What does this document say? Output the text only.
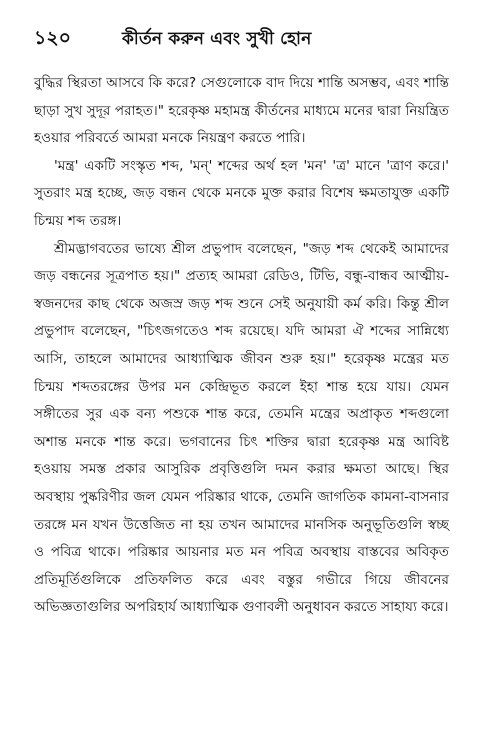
১২০	কীর্তন করুন এবং সুখী হোন

বুদ্ধির স্থিরতা আসবে কি করে? সেগুলোকে বাদ দিয়ে শান্তি অসম্ভব, এবং শান্তি ছাড়া সুখ সুদূর পরাহত।" হরেকৃষ্ণ মহামন্ত্র কীর্তনের মাধ্যমে মনের দ্বারা নিয়ন্ত্রিত হওয়ার পরিবর্তে আমরা মনকে নিয়ন্ত্রণ করতে পারি।

'মন্ত্র' একটি সংস্কৃত শব্দ, 'মন্' শব্দের অর্থ হল 'মন' 'ত্র' মানে 'ত্রাণ করে।' সুতরাং মন্ত্র হচ্ছে, জড় বন্ধন থেকে মনকে মুক্ত করার বিশেষ ক্ষমতাযুক্ত একটি চিন্ময় শব্দ তরঙ্গ।

শ্রীমদ্ভাগবতের ভাষ্যে শ্রীল প্রভুপাদ বলেছেন, "জড় শব্দ থেকেই আমাদের জড় বন্ধনের সূত্রপাত হয়।" প্রত্যহ আমরা রেডিও, টিভি, বন্ধু-বান্ধব আত্মীয়-স্বজনদের কাছ থেকে অজস্র জড় শব্দ শুনে সেই অনুযায়ী কর্ম করি। কিন্তু শ্রীল প্রভুপাদ বলেছেন, "চিৎজগতেও শব্দ রয়েছে। যদি আমরা ঐ শব্দের সান্নিধ্যে আসি, তাহলে আমাদের আধ্যাত্মিক জীবন শুরু হয়।" হরেকৃষ্ণ মন্ত্রের মত চিন্ময় শব্দতরঙ্গের উপর মন কেন্দ্রিভূত করলে ইহা শান্ত হয়ে যায়। যেমন সঙ্গীতের সুর এক বন্য পশুকে শান্ত করে, তেমনি মন্ত্রের অপ্রাকৃত শব্দগুলো অশান্ত মনকে শান্ত করে। ভগবানের চিৎ শক্তির দ্বারা হরেকৃষ্ণ মন্ত্র আবিষ্ট হওয়ায় সমস্ত প্রকার আসুরিক প্রবৃত্তিগুলি দমন করার ক্ষমতা আছে। স্থির অবস্থায় পুষ্করিণীর জল যেমন পরিষ্কার থাকে, তেমনি জাগতিক কামনা-বাসনার তরঙ্গে মন যখন উত্তেজিত না হয় তখন আমাদের মানসিক অনুভূতিগুলি স্বচ্ছ ও পবিত্র থাকে। পরিষ্কার আয়নার মত মন পবিত্র অবস্থায় বাস্তবের অবিকৃত প্রতিমূর্তিগুলিকে প্রতিফলিত করে এবং বস্তুর গভীরে গিয়ে জীবনের অভিজ্ঞতাগুলির অপরিহার্য আধ্যাত্মিক গুণাবলী অনুধাবন করতে সাহায্য করে।
